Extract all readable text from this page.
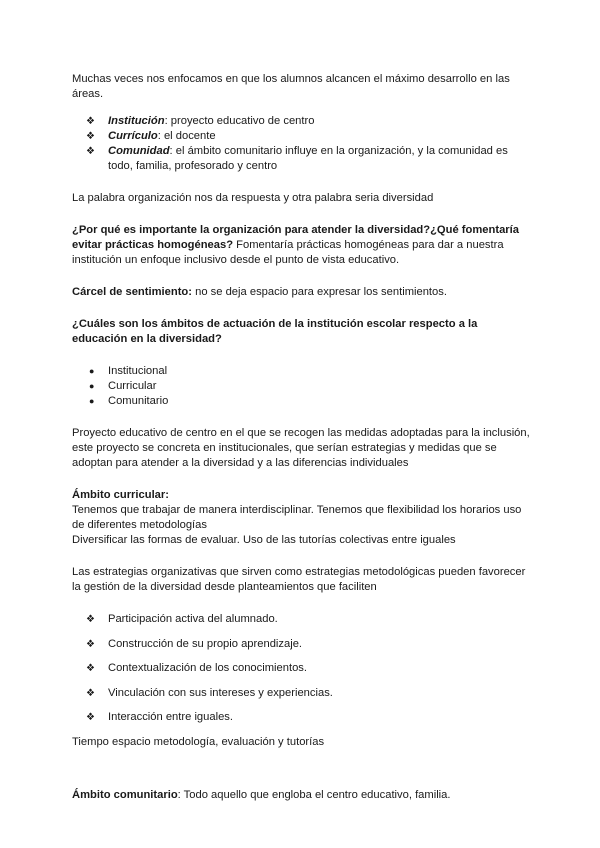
Muchas veces nos enfocamos en que los alumnos alcancen el máximo desarrollo en las áreas.

❖ Institución: proyecto educativo de centro
❖ Currículo: el docente
❖ Comunidad: el ámbito comunitario influye en la organización, y la comunidad es todo, familia, profesorado y centro

La palabra organización nos da respuesta y otra palabra seria diversidad

¿Por qué es importante la organización para atender la diversidad?¿Qué fomentaría evitar prácticas homogéneas? Fomentaría prácticas homogéneas para dar a nuestra institución un enfoque inclusivo desde el punto de vista educativo.

Cárcel de sentimiento: no se deja espacio para expresar los sentimientos.

¿Cuáles son los ámbitos de actuación de la institución escolar respecto a la educación en la diversidad?

● Institucional
● Curricular
● Comunitario

Proyecto educativo de centro en el que se recogen las medidas adoptadas para la inclusión, este proyecto se concreta en institucionales, que serían estrategias y medidas que se adoptan para atender a la diversidad y a las diferencias individuales

Ámbito curricular:

Tenemos que trabajar de manera interdisciplinar. Tenemos que flexibilidad los horarios uso de diferentes metodologías

Diversificar las formas de evaluar. Uso de las tutorías colectivas entre iguales

Las estrategias organizativas que sirven como estrategias metodológicas pueden favorecer la gestión de la diversidad desde planteamientos que faciliten

❖ Participación activa del alumnado.
❖ Construcción de su propio aprendizaje.
❖ Contextualización de los conocimientos.
❖ Vinculación con sus intereses y experiencias.
❖ Interacción entre iguales.

Tiempo espacio metodología, evaluación y tutorías

Ámbito comunitario: Todo aquello que engloba el centro educativo, familia.
